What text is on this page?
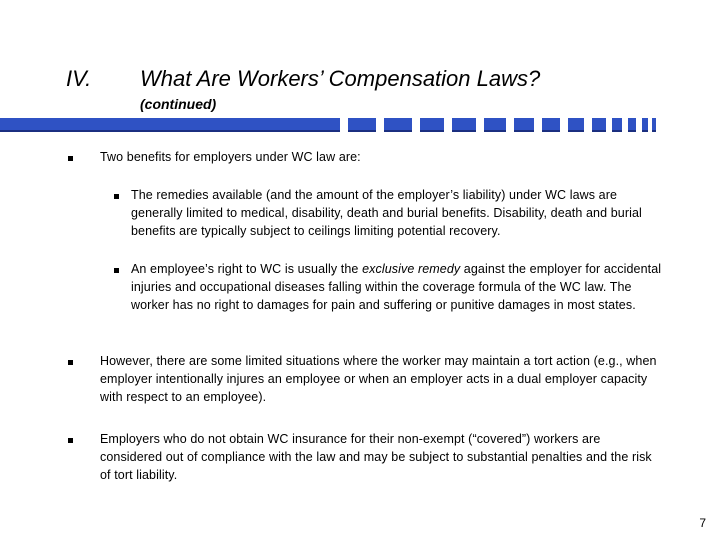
IV. What Are Workers’ Compensation Laws?
(continued)
Two benefits for employers under WC law are:
The remedies available (and the amount of the employer’s liability) under WC laws are generally limited to medical, disability, death and burial benefits. Disability, death and burial benefits are typically subject to ceilings limiting potential recovery.
An employee’s right to WC is usually the exclusive remedy against the employer for accidental injuries and occupational diseases falling within the coverage formula of the WC law. The worker has no right to damages for pain and suffering or punitive damages in most states.
However, there are some limited situations where the worker may maintain a tort action (e.g., when employer intentionally injures an employee or when an employer acts in a dual employer capacity with respect to an employee).
Employers who do not obtain WC insurance for their non-exempt (“covered”) workers are considered out of compliance with the law and may be subject to substantial penalties and the risk of tort liability.
7
